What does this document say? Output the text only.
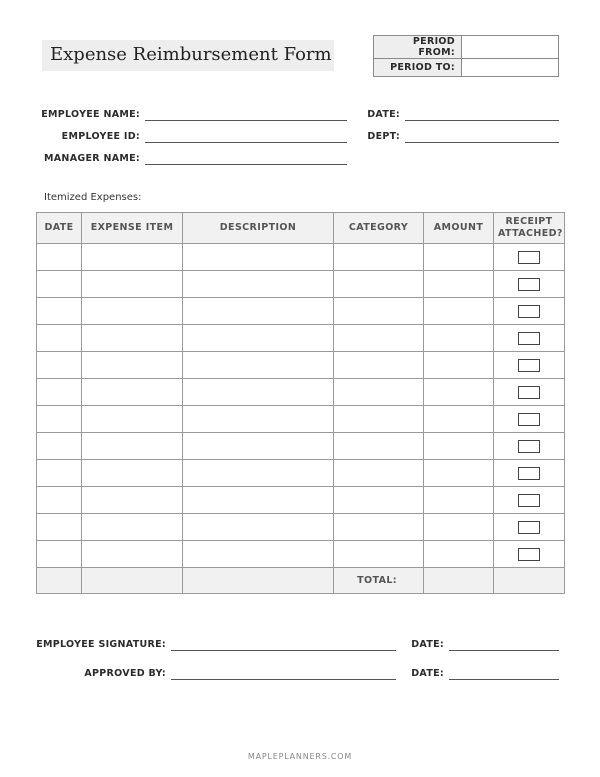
Expense Reimbursement Form
PERIOD FROM:	
PERIOD TO:	
EMPLOYEE NAME:
EMPLOYEE ID:
MANAGER NAME:
DATE:
DEPT:
Itemized Expenses:
DATE	EXPENSE ITEM	DESCRIPTION	CATEGORY	AMOUNT	RECEIPT ATTACHED?

			TOTAL:		
EMPLOYEE SIGNATURE:
APPROVED BY:
DATE:
DATE:
MAPLEPLANNERS.COM
